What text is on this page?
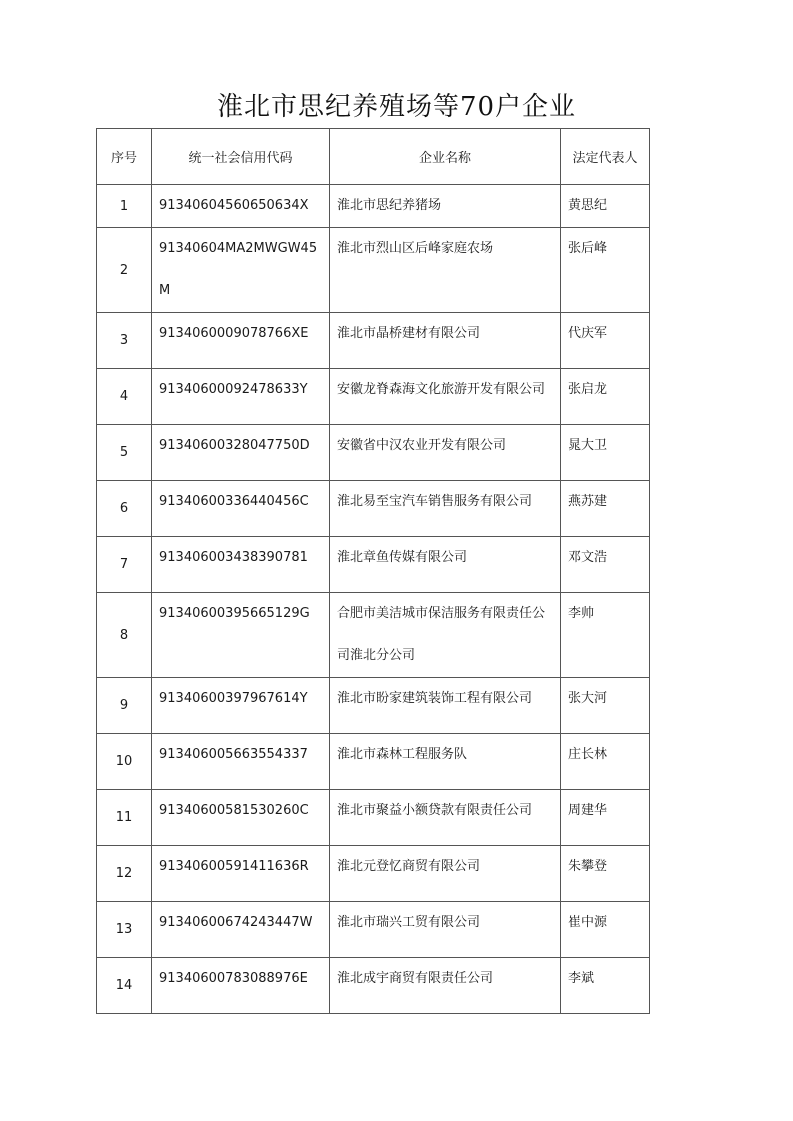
淮北市思纪养殖场等70户企业
序号	统一社会信用代码	企业名称	法定代表人
1	91340604560650634X	淮北市思纪养猪场	黄思纪
2	91340604MA2MWGW45M	淮北市烈山区后峰家庭农场	张后峰
3	9134060009078766XE	淮北市晶桥建材有限公司	代庆军
4	91340600092478633Y	安徽龙脊森海文化旅游开发有限公司	张启龙
5	91340600328047750D	安徽省中汉农业开发有限公司	晁大卫
6	91340600336440456C	淮北易至宝汽车销售服务有限公司	燕苏建
7	913406003438390781	淮北章鱼传媒有限公司	邓文浩
8	91340600395665129G	合肥市美洁城市保洁服务有限责任公司淮北分公司	李帅
9	91340600397967614Y	淮北市盼家建筑装饰工程有限公司	张大河
10	913406005663554337	淮北市森林工程服务队	庄长林
11	91340600581530260C	淮北市聚益小额贷款有限责任公司	周建华
12	91340600591411636R	淮北元登忆商贸有限公司	朱攀登
13	91340600674243447W	淮北市瑞兴工贸有限公司	崔中源
14	91340600783088976E	淮北成宇商贸有限责任公司	李斌
